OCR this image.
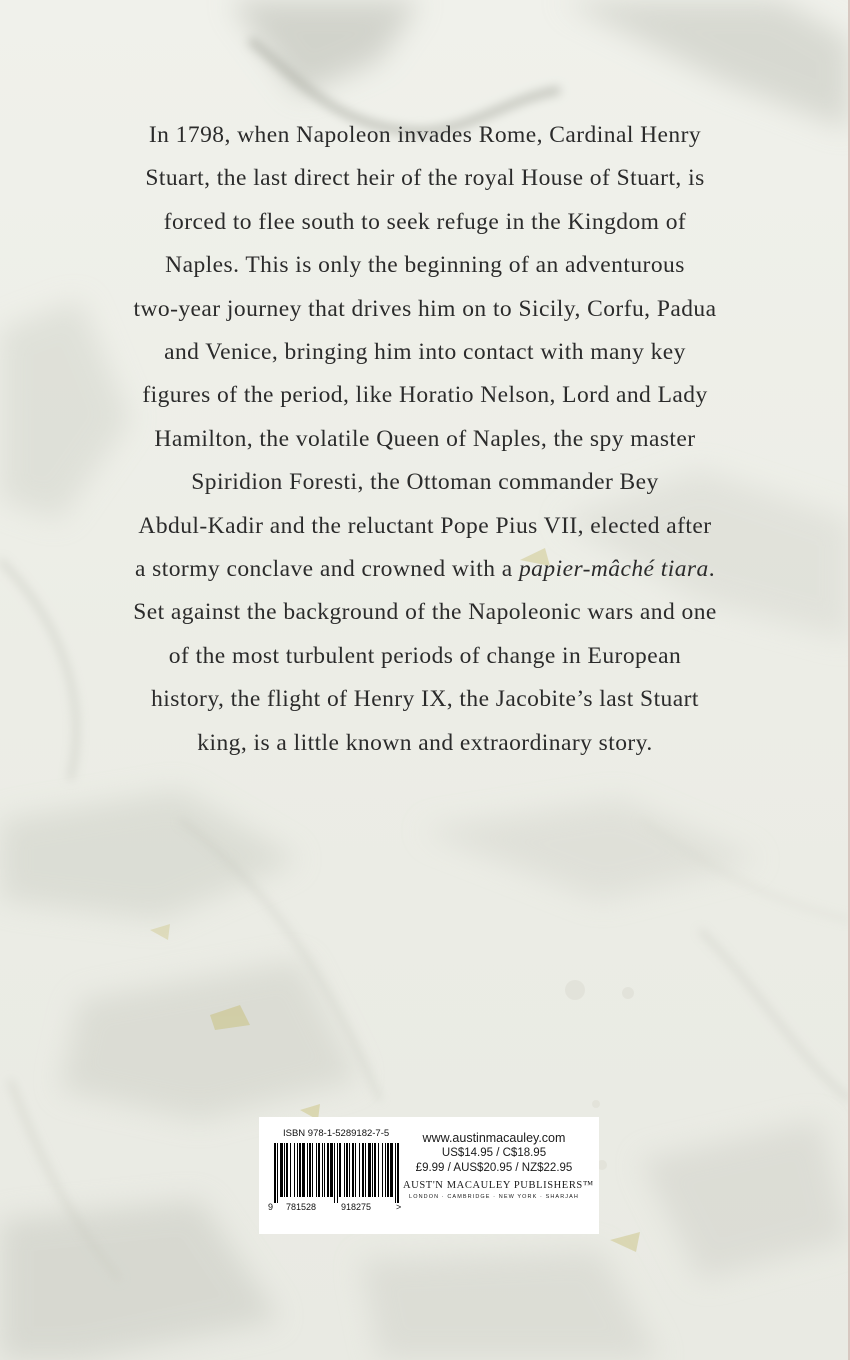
In 1798, when Napoleon invades Rome, Cardinal Henry
Stuart, the last direct heir of the royal House of Stuart, is
forced to flee south to seek refuge in the Kingdom of
Naples. This is only the beginning of an adventurous
two-year journey that drives him on to Sicily, Corfu, Padua
and Venice, bringing him into contact with many key
figures of the period, like Horatio Nelson, Lord and Lady
Hamilton, the volatile Queen of Naples, the spy master
Spiridion Foresti, the Ottoman commander Bey
Abdul-Kadir and the reluctant Pope Pius VII, elected after
a stormy conclave and crowned with a papier-mâché tiara.
Set against the background of the Napoleonic wars and one
of the most turbulent periods of change in European
history, the flight of Henry IX, the Jacobite’s last Stuart
king, is a little known and extraordinary story.

ISBN 978-1-5289182-7-5

9 781528	918275	>

www.austinmacauley.com

US$14.95 / C$18.95

£9.99 / AUS$20.95 / NZ$22.95

AUST'N MACAULEY PUBLISHERS™

LONDON · CAMBRIDGE · NEW YORK · SHARJAH
